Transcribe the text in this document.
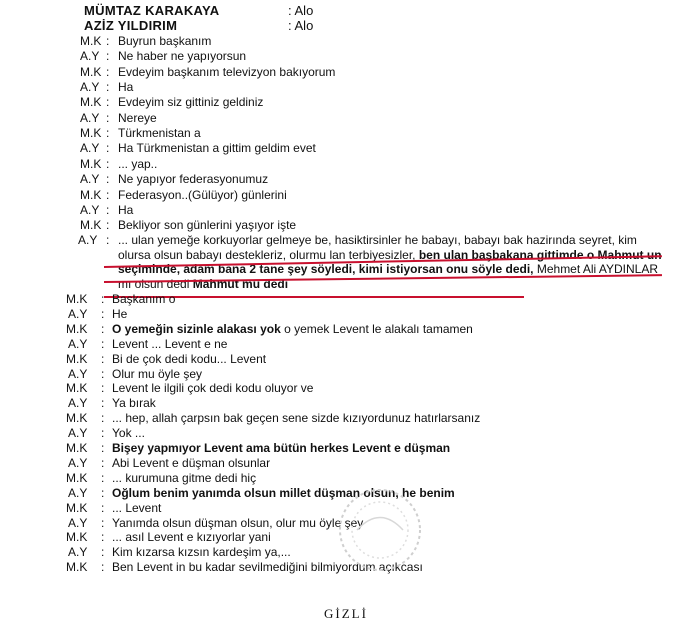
MÜMTAZ KARAKAYA	: Alo
AZİZ YILDIRIM	: Alo
M.K : Buyrun başkanım
A.Y : Ne haber ne yapıyorsun
M.K : Evdeyim başkanım televizyon bakıyorum
A.Y : Ha
M.K : Evdeyim siz gittiniz geldiniz
A.Y : Nereye
M.K : Türkmenistan a
A.Y : Ha Türkmenistan a gittim geldim evet
M.K : ... yap..
A.Y : Ne yapıyor federasyonumuz
M.K : Federasyon..(Gülüyor) günlerini
A.Y : Ha
M.K : Bekliyor son günlerini yaşıyor işte
A.Y : ... ulan yemeğe korkuyorlar gelmeye be, hasiktirsinler he babayı, babayı bak hazirında seyret, kim olursa olsun babayı destekleriz, olurmu lan terbiyesizler, ben ulan başbakana gittimde o Mahmut un seçiminde, adam bana 2 tane şey söyledi, kimi istiyorsan onu söyle dedi, Mehmet Ali AYDINLAR mı olsun dedi Mahmut mu dedi
M.K : Başkanım o
A.Y : He
M.K : O yemeğin sizinle alakası yok o yemek Levent le alakalı tamamen
A.Y : Levent ... Levent e ne
M.K : Bi de çok dedi kodu... Levent
A.Y : Olur mu öyle şey
M.K : Levent le ilgili çok dedi kodu oluyor ve
A.Y : Ya bırak
M.K : ... hep, allah çarpsın bak geçen sene sizde kızıyordunuz hatırlarsanız
A.Y : Yok ...
M.K : Bişey yapmıyor Levent ama bütün herkes Levent e düşman
A.Y : Abi Levent e düşman olsunlar
M.K : ... kurumuna gitme dedi hiç
A.Y : Oğlum benim yanımda olsun millet düşman olsun, he benim
M.K : ... Levent
A.Y : Yanımda olsun düşman olsun, olur mu öyle şey
M.K : ... asıl Levent e kızıyorlar yani
A.Y : Kim kızarsa kızsın kardeşim ya,...
M.K : Ben Levent in bu kadar sevilmediğini bilmiyordum açıkcası
GİZLİ
